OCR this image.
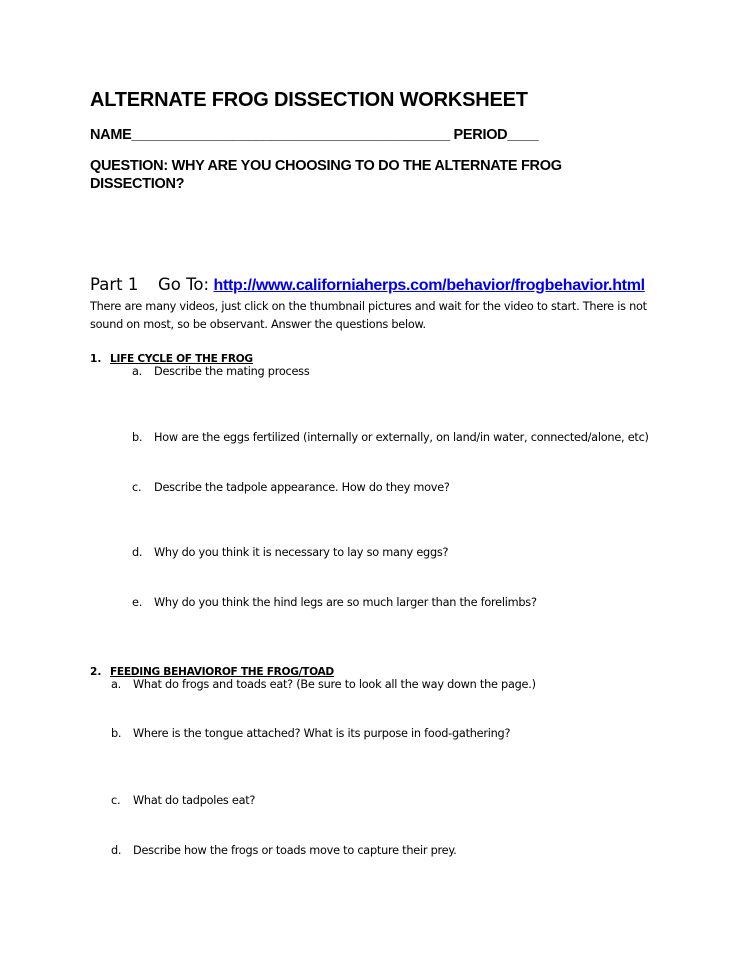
ALTERNATE FROG DISSECTION WORKSHEET
NAME_________________________________________ PERIOD____
QUESTION: WHY ARE YOU CHOOSING TO DO THE ALTERNATE FROG
DISSECTION?
Part 1 Go To: http://www.californiaherps.com/behavior/frogbehavior.html
There are many videos, just click on the thumbnail pictures and wait for the video to start. There is not
sound on most, so be observant. Answer the questions below.
1. LIFE CYCLE OF THE FROG
a. Describe the mating process
b. How are the eggs fertilized (internally or externally, on land/in water, connected/alone, etc)
c. Describe the tadpole appearance. How do they move?
d. Why do you think it is necessary to lay so many eggs?
e. Why do you think the hind legs are so much larger than the forelimbs?
2. FEEDING BEHAVIOROF THE FROG/TOAD
a. What do frogs and toads eat? (Be sure to look all the way down the page.)
b. Where is the tongue attached? What is its purpose in food-gathering?
c. What do tadpoles eat?
d. Describe how the frogs or toads move to capture their prey.
